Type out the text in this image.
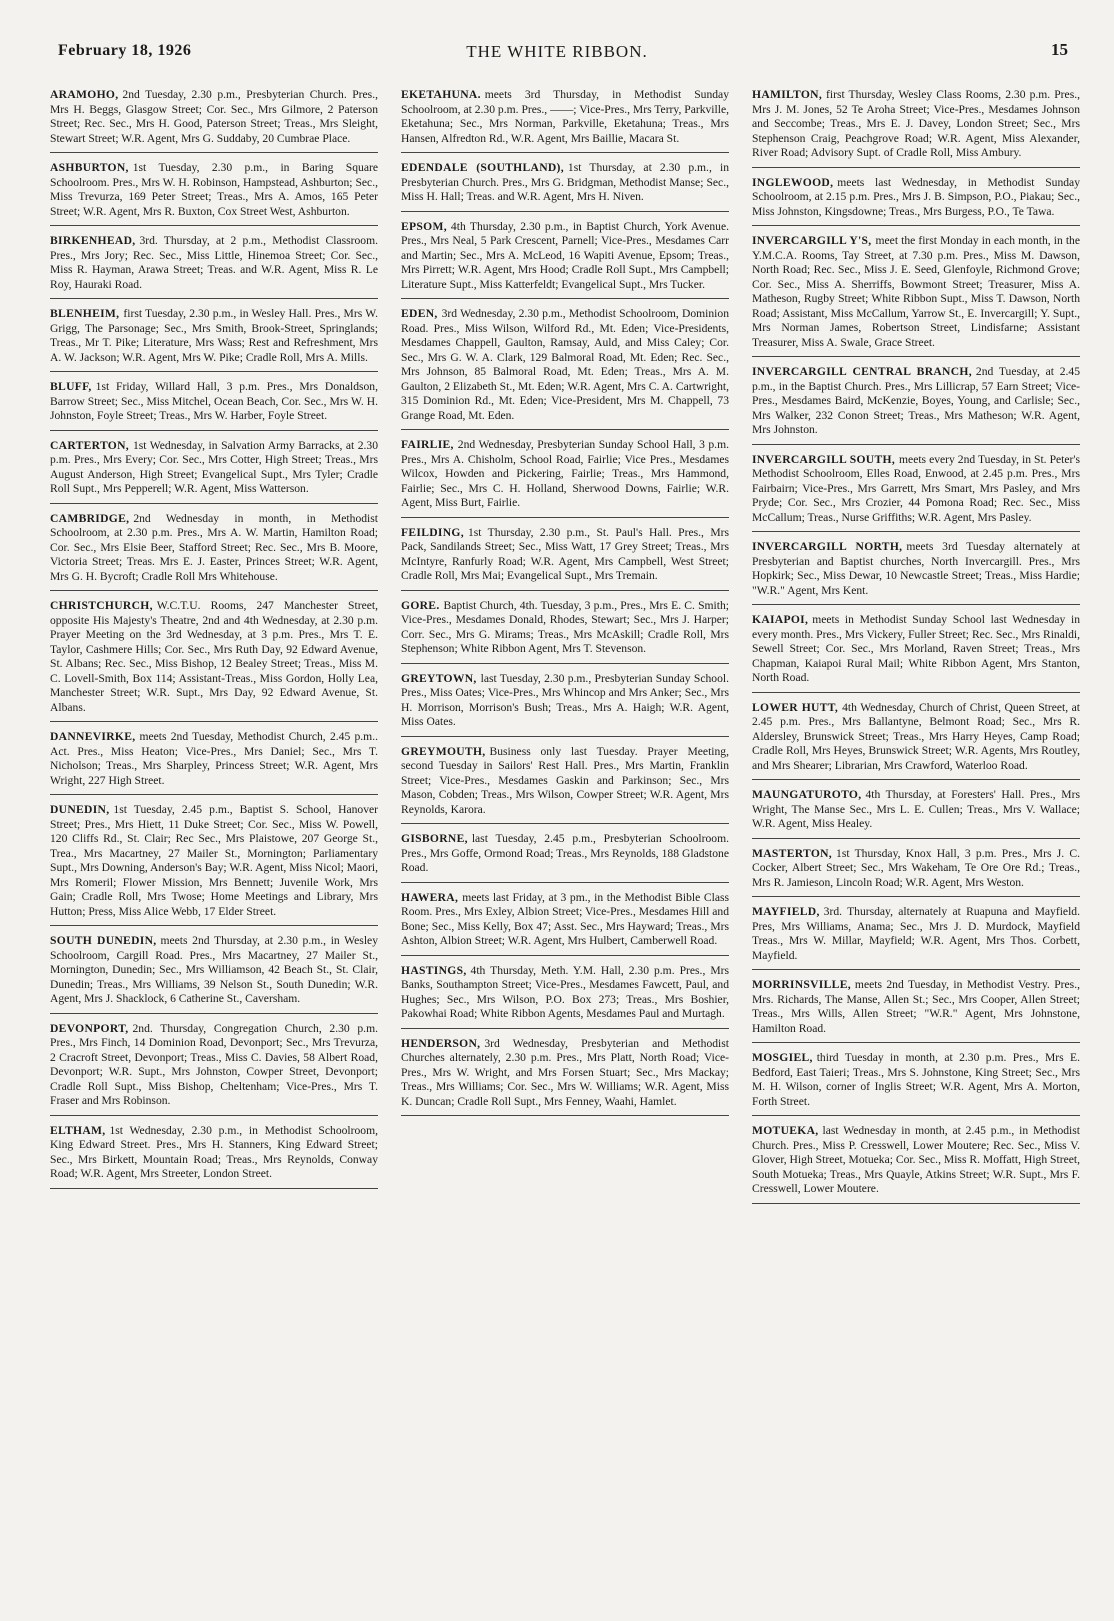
February 18, 1926	THE WHITE RIBBON.	15
ARAMOHO, 2nd Tuesday, 2.30 p.m., Presbyterian Church. Pres., Mrs H. Beggs, Glasgow Street; Cor. Sec., Mrs Gilmore, 2 Paterson Street; Rec. Sec., Mrs H. Good, Paterson Street; Treas., Mrs Sleight, Stewart Street; W.R. Agent, Mrs G. Suddaby, 20 Cumbrae Place.
ASHBURTON, 1st Tuesday, 2.30 p.m., in Baring Square Schoolroom. Pres., Mrs W. H. Robinson, Hampstead, Ashburton; Sec., Miss Trevurza, 169 Peter Street; Treas., Mrs A. Amos, 165 Peter Street; W.R. Agent, Mrs R. Buxton, Cox Street West, Ashburton.
BIRKENHEAD, 3rd. Thursday, at 2 p.m., Methodist Classroom. Pres., Mrs Jory; Rec. Sec., Miss Little, Hinemoa Street; Cor. Sec., Miss R. Hayman, Arawa Street; Treas. and W.R. Agent, Miss R. Le Roy, Hauraki Road.
BLENHEIM, first Tuesday, 2.30 p.m., in Wesley Hall. Pres., Mrs W. Grigg, The Parsonage; Sec., Mrs Smith, Brook-Street, Springlands; Treas., Mr T. Pike; Literature, Mrs Wass; Rest and Refreshment, Mrs A. W. Jackson; W.R. Agent, Mrs W. Pike; Cradle Roll, Mrs A. Mills.
BLUFF, 1st Friday, Willard Hall, 3 p.m. Pres., Mrs Donaldson, Barrow Street; Sec., Miss Mitchel, Ocean Beach, Cor. Sec., Mrs W. H. Johnston, Foyle Street; Treas., Mrs W. Harber, Foyle Street.
CARTERTON, 1st Wednesday, in Salvation Army Barracks, at 2.30 p.m. Pres., Mrs Every; Cor. Sec., Mrs Cotter, High Street; Treas., Mrs August Anderson, High Street; Evangelical Supt., Mrs Tyler; Cradle Roll Supt., Mrs Pepperell; W.R. Agent, Miss Watterson.
CAMBRIDGE, 2nd Wednesday in month, in Methodist Schoolroom, at 2.30 p.m. Pres., Mrs A. W. Martin, Hamilton Road; Cor. Sec., Mrs Elsie Beer, Stafford Street; Rec. Sec., Mrs B. Moore, Victoria Street; Treas. Mrs E. J. Easter, Princes Street; W.R. Agent, Mrs G. H. Bycroft; Cradle Roll Mrs Whitehouse.
CHRISTCHURCH, W.C.T.U. Rooms, 247 Manchester Street, opposite His Majesty's Theatre, 2nd and 4th Wednesday, at 2.30 p.m. Prayer Meeting on the 3rd Wednesday, at 3 p.m. Pres., Mrs T. E. Taylor, Cashmere Hills; Cor. Sec., Mrs Ruth Day, 92 Edward Avenue, St. Albans; Rec. Sec., Miss Bishop, 12 Bealey Street; Treas., Miss M. C. Lovell-Smith, Box 114; Assistant-Treas., Miss Gordon, Holly Lea, Manchester Street; W.R. Supt., Mrs Day, 92 Edward Avenue, St. Albans.
DANNEVIRKE, meets 2nd Tuesday, Methodist Church, 2.45 p.m.. Act. Pres., Miss Heaton; Vice-Pres., Mrs Daniel; Sec., Mrs T. Nicholson; Treas., Mrs Sharpley, Princess Street; W.R. Agent, Mrs Wright, 227 High Street.
DUNEDIN, 1st Tuesday, 2.45 p.m., Baptist S. School, Hanover Street; Pres., Mrs Hiett, 11 Duke Street; Cor. Sec., Miss W. Powell, 120 Cliffs Rd., St. Clair; Rec Sec., Mrs Plaistowe, 207 George St., Trea., Mrs Macartney, 27 Mailer St., Mornington; Parliamentary Supt., Mrs Downing, Anderson's Bay; W.R. Agent, Miss Nicol; Maori, Mrs Romeril; Flower Mission, Mrs Bennett; Juvenile Work, Mrs Gain; Cradle Roll, Mrs Twose; Home Meetings and Library, Mrs Hutton; Press, Miss Alice Webb, 17 Elder Street.
SOUTH DUNEDIN, meets 2nd Thursday, at 2.30 p.m., in Wesley Schoolroom, Cargill Road. Pres., Mrs Macartney, 27 Mailer St., Mornington, Dunedin; Sec., Mrs Williamson, 42 Beach St., St. Clair, Dunedin; Treas., Mrs Williams, 39 Nelson St., South Dunedin; W.R. Agent, Mrs J. Shacklock, 6 Catherine St., Caversham.
DEVONPORT, 2nd. Thursday, Congregation Church, 2.30 p.m. Pres., Mrs Finch, 14 Dominion Road, Devonport; Sec., Mrs Trevurza, 2 Cracroft Street, Devonport; Treas., Miss C. Davies, 58 Albert Road, Devonport; W.R. Supt., Mrs Johnston, Cowper Street, Devonport; Cradle Roll Supt., Miss Bishop, Cheltenham; Vice-Pres., Mrs T. Fraser and Mrs Robinson.
ELTHAM, 1st Wednesday, 2.30 p.m., in Methodist Schoolroom, King Edward Street. Pres., Mrs H. Stanners, King Edward Street; Sec., Mrs Birkett, Mountain Road; Treas., Mrs Reynolds, Conway Road; W.R. Agent, Mrs Streeter, London Street.
EKETAHUNA. meets 3rd Thursday, in Methodist Sunday Schoolroom, at 2.30 p.m. Pres., ——; Vice-Pres., Mrs Terry, Parkville, Eketahuna; Sec., Mrs Norman, Parkville, Eketahuna; Treas., Mrs Hansen, Alfredton Rd., W.R. Agent, Mrs Baillie, Macara St.
EDENDALE (SOUTHLAND), 1st Thursday, at 2.30 p.m., in Presbyterian Church. Pres., Mrs G. Bridgman, Methodist Manse; Sec., Miss H. Hall; Treas. and W.R. Agent, Mrs H. Niven.
EPSOM, 4th Thursday, 2.30 p.m., in Baptist Church, York Avenue. Pres., Mrs Neal, 5 Park Crescent, Parnell; Vice-Pres., Mesdames Carr and Martin; Sec., Mrs A. McLeod, 16 Wapiti Avenue, Epsom; Treas., Mrs Pirrett; W.R. Agent, Mrs Hood; Cradle Roll Supt., Mrs Campbell; Literature Supt., Miss Katterfeldt; Evangelical Supt., Mrs Tucker.
EDEN, 3rd Wednesday, 2.30 p.m., Methodist Schoolroom, Dominion Road. Pres., Miss Wilson, Wilford Rd., Mt. Eden; Vice-Presidents, Mesdames Chappell, Gaulton, Ramsay, Auld, and Miss Caley; Cor. Sec., Mrs G. W. A. Clark, 129 Balmoral Road, Mt. Eden; Rec. Sec., Mrs Johnson, 85 Balmoral Road, Mt. Eden; Treas., Mrs A. M. Gaulton, 2 Elizabeth St., Mt. Eden; W.R. Agent, Mrs C. A. Cartwright, 315 Dominion Rd., Mt. Eden; Vice-President, Mrs M. Chappell, 73 Grange Road, Mt. Eden.
FAIRLIE, 2nd Wednesday, Presbyterian Sunday School Hall, 3 p.m. Pres., Mrs A. Chisholm, School Road, Fairlie; Vice Pres., Mesdames Wilcox, Howden and Pickering, Fairlie; Treas., Mrs Hammond, Fairlie; Sec., Mrs C. H. Holland, Sherwood Downs, Fairlie; W.R. Agent, Miss Burt, Fairlie.
FEILDING, 1st Thursday, 2.30 p.m., St. Paul's Hall. Pres., Mrs Pack, Sandilands Street; Sec., Miss Watt, 17 Grey Street; Treas., Mrs McIntyre, Ranfurly Road; W.R. Agent, Mrs Campbell, West Street; Cradle Roll, Mrs Mai; Evangelical Supt., Mrs Tremain.
GORE. Baptist Church, 4th. Tuesday, 3 p.m., Pres., Mrs E. C. Smith; Vice-Pres., Mesdames Donald, Rhodes, Stewart; Sec., Mrs J. Harper; Corr. Sec., Mrs G. Mirams; Treas., Mrs McAskill; Cradle Roll, Mrs Stephenson; White Ribbon Agent, Mrs T. Stevenson.
GREYTOWN, last Tuesday, 2.30 p.m., Presbyterian Sunday School. Pres., Miss Oates; Vice-Pres., Mrs Whincop and Mrs Anker; Sec., Mrs H. Morrison, Morrison's Bush; Treas., Mrs A. Haigh; W.R. Agent, Miss Oates.
GREYMOUTH, Business only last Tuesday. Prayer Meeting, second Tuesday in Sailors' Rest Hall. Pres., Mrs Martin, Franklin Street; Vice-Pres., Mesdames Gaskin and Parkinson; Sec., Mrs Mason, Cobden; Treas., Mrs Wilson, Cowper Street; W.R. Agent, Mrs Reynolds, Karora.
GISBORNE, last Tuesday, 2.45 p.m., Presbyterian Schoolroom. Pres., Mrs Goffe, Ormond Road; Treas., Mrs Reynolds, 188 Gladstone Road.
HAWERA, meets last Friday, at 3 pm., in the Methodist Bible Class Room. Pres., Mrs Exley, Albion Street; Vice-Pres., Mesdames Hill and Bone; Sec., Miss Kelly, Box 47; Asst. Sec., Mrs Hayward; Treas., Mrs Ashton, Albion Street; W.R. Agent, Mrs Hulbert, Camberwell Road.
HASTINGS, 4th Thursday, Meth. Y.M. Hall, 2.30 p.m. Pres., Mrs Banks, Southampton Street; Vice-Pres., Mesdames Fawcett, Paul, and Hughes; Sec., Mrs Wilson, P.O. Box 273; Treas., Mrs Boshier, Pakowhai Road; White Ribbon Agents, Mesdames Paul and Murtagh.
HENDERSON, 3rd Wednesday, Presbyterian and Methodist Churches alternately, 2.30 p.m. Pres., Mrs Platt, North Road; Vice-Pres., Mrs W. Wright, and Mrs Forsen Stuart; Sec., Mrs Mackay; Treas., Mrs Williams; Cor. Sec., Mrs W. Williams; W.R. Agent, Miss K. Duncan; Cradle Roll Supt., Mrs Fenney, Waahi, Hamlet.
HAMILTON, first Thursday, Wesley Class Rooms, 2.30 p.m. Pres., Mrs J. M. Jones, 52 Te Aroha Street; Vice-Pres., Mesdames Johnson and Seccombe; Treas., Mrs E. J. Davey, London Street; Sec., Mrs Stephenson Craig, Peachgrove Road; W.R. Agent, Miss Alexander, River Road; Advisory Supt. of Cradle Roll, Miss Ambury.
INGLEWOOD, meets last Wednesday, in Methodist Sunday Schoolroom, at 2.15 p.m. Pres., Mrs J. B. Simpson, P.O., Piakau; Sec., Miss Johnston, Kingsdowne; Treas., Mrs Burgess, P.O., Te Tawa.
INVERCARGILL Y'S, meet the first Monday in each month, in the Y.M.C.A. Rooms, Tay Street, at 7.30 p.m. Pres., Miss M. Dawson, North Road; Rec. Sec., Miss J. E. Seed, Glenfoyle, Richmond Grove; Cor. Sec., Miss A. Sherriffs, Bowmont Street; Treasurer, Miss A. Matheson, Rugby Street; White Ribbon Supt., Miss T. Dawson, North Road; Assistant, Miss McCallum, Yarrow St., E. Invercargill; Y. Supt., Mrs Norman James, Robertson Street, Lindisfarne; Assistant Treasurer, Miss A. Swale, Grace Street.
INVERCARGILL CENTRAL BRANCH, 2nd Tuesday, at 2.45 p.m., in the Baptist Church. Pres., Mrs Lillicrap, 57 Earn Street; Vice-Pres., Mesdames Baird, McKenzie, Boyes, Young, and Carlisle; Sec., Mrs Walker, 232 Conon Street; Treas., Mrs Matheson; W.R. Agent, Mrs Johnston.
INVERCARGILL SOUTH, meets every 2nd Tuesday, in St. Peter's Methodist Schoolroom, Elles Road, Enwood, at 2.45 p.m. Pres., Mrs Fairbairn; Vice-Pres., Mrs Garrett, Mrs Smart, Mrs Pasley, and Mrs Pryde; Cor. Sec., Mrs Crozier, 44 Pomona Road; Rec. Sec., Miss McCallum; Treas., Nurse Griffiths; W.R. Agent, Mrs Pasley.
INVERCARGILL NORTH, meets 3rd Tuesday alternately at Presbyterian and Baptist churches, North Invercargill. Pres., Mrs Hopkirk; Sec., Miss Dewar, 10 Newcastle Street; Treas., Miss Hardie; "W.R." Agent, Mrs Kent.
KAIAPOI, meets in Methodist Sunday School last Wednesday in every month. Pres., Mrs Vickery, Fuller Street; Rec. Sec., Mrs Rinaldi, Sewell Street; Cor. Sec., Mrs Morland, Raven Street; Treas., Mrs Chapman, Kaiapoi Rural Mail; White Ribbon Agent, Mrs Stanton, North Road.
LOWER HUTT, 4th Wednesday, Church of Christ, Queen Street, at 2.45 p.m. Pres., Mrs Ballantyne, Belmont Road; Sec., Mrs R. Aldersley, Brunswick Street; Treas., Mrs Harry Heyes, Camp Road; Cradle Roll, Mrs Heyes, Brunswick Street; W.R. Agents, Mrs Routley, and Mrs Shearer; Librarian, Mrs Crawford, Waterloo Road.
MAUNGATUROTO, 4th Thursday, at Foresters' Hall. Pres., Mrs Wright, The Manse Sec., Mrs L. E. Cullen; Treas., Mrs V. Wallace; W.R. Agent, Miss Healey.
MASTERTON, 1st Thursday, Knox Hall, 3 p.m. Pres., Mrs J. C. Cocker, Albert Street; Sec., Mrs Wakeham, Te Ore Ore Rd.; Treas., Mrs R. Jamieson, Lincoln Road; W.R. Agent, Mrs Weston.
MAYFIELD, 3rd. Thursday, alternately at Ruapuna and Mayfield. Pres, Mrs Williams, Anama; Sec., Mrs J. D. Murdock, Mayfield Treas., Mrs W. Millar, Mayfield; W.R. Agent, Mrs Thos. Corbett, Mayfield.
MORRINSVILLE, meets 2nd Tuesday, in Methodist Vestry. Pres., Mrs. Richards, The Manse, Allen St.; Sec., Mrs Cooper, Allen Street; Treas., Mrs Wills, Allen Street; "W.R." Agent, Mrs Johnstone, Hamilton Road.
MOSGIEL, third Tuesday in month, at 2.30 p.m. Pres., Mrs E. Bedford, East Taieri; Treas., Mrs S. Johnstone, King Street; Sec., Mrs M. H. Wilson, corner of Inglis Street; W.R. Agent, Mrs A. Morton, Forth Street.
MOTUEKA, last Wednesday in month, at 2.45 p.m., in Methodist Church. Pres., Miss P. Cresswell, Lower Moutere; Rec. Sec., Miss V. Glover, High Street, Motueka; Cor. Sec., Miss R. Moffatt, High Street, South Motueka; Treas., Mrs Quayle, Atkins Street; W.R. Supt., Mrs F. Cresswell, Lower Moutere.
